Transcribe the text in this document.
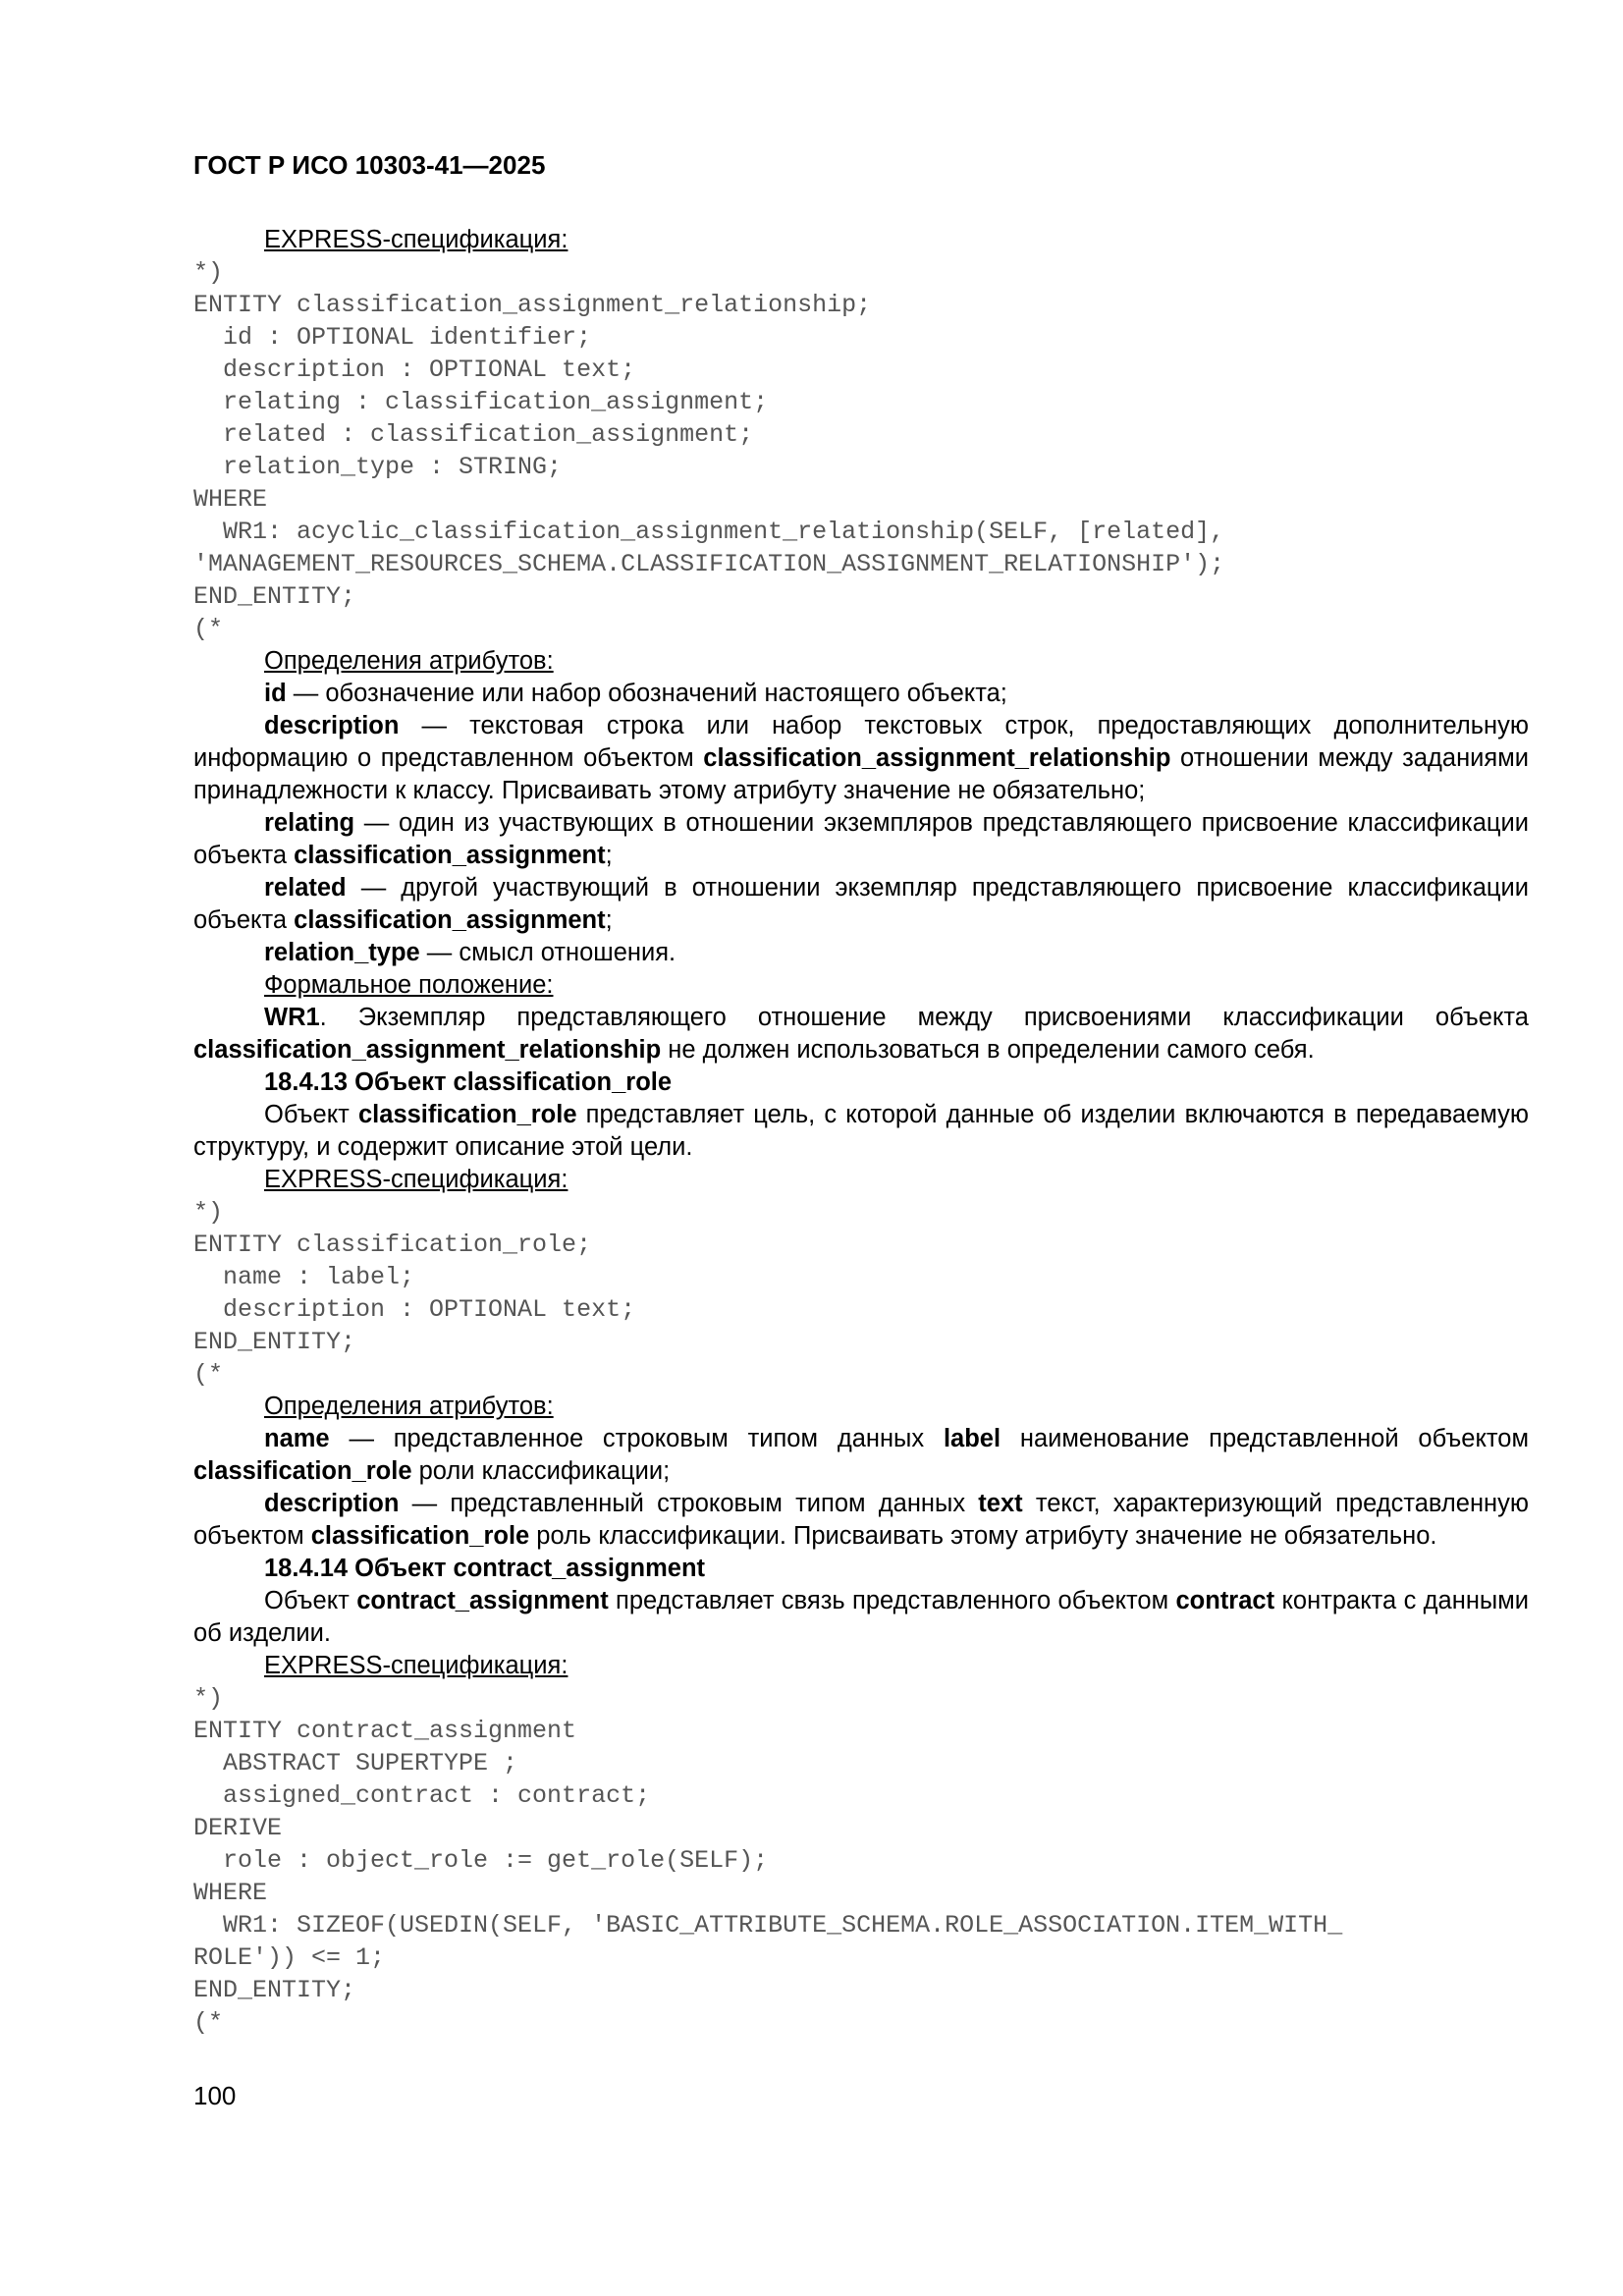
ГОСТ Р ИСО 10303-41—2025

EXPRESS-спецификация:

*)
ENTITY classification_assignment_relationship;
id : OPTIONAL identifier;
description : OPTIONAL text;
relating : classification_assignment;
related : classification_assignment;
relation_type : STRING;
WHERE
WR1: acyclic_classification_assignment_relationship(SELF, [related],
'MANAGEMENT_RESOURCES_SCHEMA.CLASSIFICATION_ASSIGNMENT_RELATIONSHIP');
END_ENTITY;
(*

Определения атрибутов:

id — обозначение или набор обозначений настоящего объекта;

description — текстовая строка или набор текстовых строк, предоставляющих дополнительную информацию о представленном объектом classification_assignment_relationship отношении между заданиями принадлежности к классу. Присваивать этому атрибуту значение не обязательно;

relating — один из участвующих в отношении экземпляров представляющего присвоение классификации объекта classification_assignment;

related — другой участвующий в отношении экземпляр представляющего присвоение классификации объекта classification_assignment;

relation_type — смысл отношения.

Формальное положение:

WR1. Экземпляр представляющего отношение между присвоениями классификации объекта classification_assignment_relationship не должен использоваться в определении самого себя.

18.4.13 Объект classification_role

Объект classification_role представляет цель, с которой данные об изделии включаются в передаваемую структуру, и содержит описание этой цели.

EXPRESS-спецификация:

*)
ENTITY classification_role;
name : label;
description : OPTIONAL text;
END_ENTITY;
(*

Определения атрибутов:

name — представленное строковым типом данных label наименование представленной объектом classification_role роли классификации;

description — представленный строковым типом данных text текст, характеризующий представленную объектом classification_role роль классификации. Присваивать этому атрибуту значение не обязательно.

18.4.14 Объект contract_assignment

Объект contract_assignment представляет связь представленного объектом contract контракта с данными об изделии.

EXPRESS-спецификация:

*)
ENTITY contract_assignment
ABSTRACT SUPERTYPE ;
assigned_contract : contract;
DERIVE
role : object_role := get_role(SELF);
WHERE
WR1: SIZEOF(USEDIN(SELF, 'BASIC_ATTRIBUTE_SCHEMA.ROLE_ASSOCIATION.ITEM_WITH_
ROLE')) <= 1;
END_ENTITY;
(*
100
